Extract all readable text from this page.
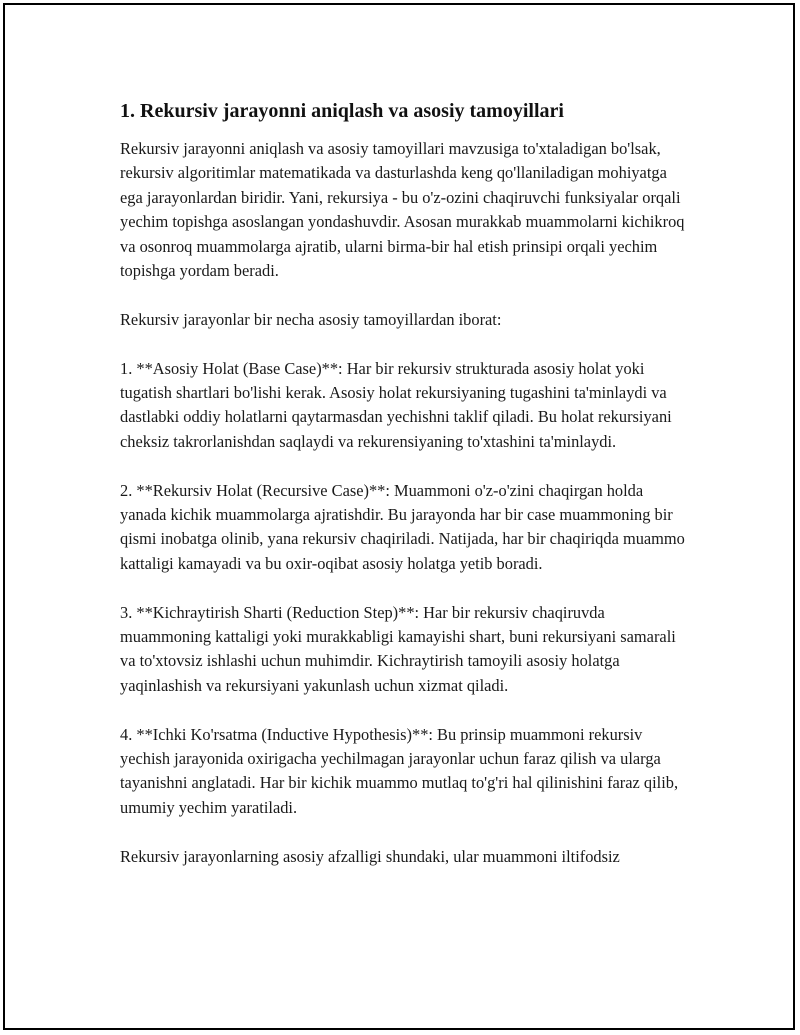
1. Rekursiv jarayonni aniqlash va asosiy tamoyillari

Rekursiv jarayonni aniqlash va asosiy tamoyillari mavzusiga to'xtaladigan bo'lsak, rekursiv algoritimlar matematikada va dasturlashda keng qo'llaniladigan mohiyatga ega jarayonlardan biridir. Yani, rekursiya - bu o'z-ozini chaqiruvchi funksiyalar orqali yechim topishga asoslangan yondashuvdir. Asosan murakkab muammolarni kichikroq va osonroq muammolarga ajratib, ularni birma-bir hal etish prinsipi orqali yechim topishga yordam beradi.

Rekursiv jarayonlar bir necha asosiy tamoyillardan iborat:

1. **Asosiy Holat (Base Case)**: Har bir rekursiv strukturada asosiy holat yoki tugatish shartlari bo'lishi kerak. Asosiy holat rekursiyaning tugashini ta'minlaydi va dastlabki oddiy holatlarni qaytarmasdan yechishni taklif qiladi. Bu holat rekursiyani cheksiz takrorlanishdan saqlaydi va rekurensiyaning to'xtashini ta'minlaydi.

2. **Rekursiv Holat (Recursive Case)**: Muammoni o'z-o'zini chaqirgan holda yanada kichik muammolarga ajratishdir. Bu jarayonda har bir case muammoning bir qismi inobatga olinib, yana rekursiv chaqiriladi. Natijada, har bir chaqiriqda muammo kattaligi kamayadi va bu oxir-oqibat asosiy holatga yetib boradi.

3. **Kichraytirish Sharti (Reduction Step)**: Har bir rekursiv chaqiruvda muammoning kattaligi yoki murakkabligi kamayishi shart, buni rekursiyani samarali va to'xtovsiz ishlashi uchun muhimdir. Kichraytirish tamoyili asosiy holatga yaqinlashish va rekursiyani yakunlash uchun xizmat qiladi.

4. **Ichki Ko'rsatma (Inductive Hypothesis)**: Bu prinsip muammoni rekursiv yechish jarayonida oxirigacha yechilmagan jarayonlar uchun faraz qilish va ularga tayanishni anglatadi. Har bir kichik muammo mutlaq to'g'ri hal qilinishini faraz qilib, umumiy yechim yaratiladi.

Rekursiv jarayonlarning asosiy afzalligi shundaki, ular muammoni iltifodsiz
